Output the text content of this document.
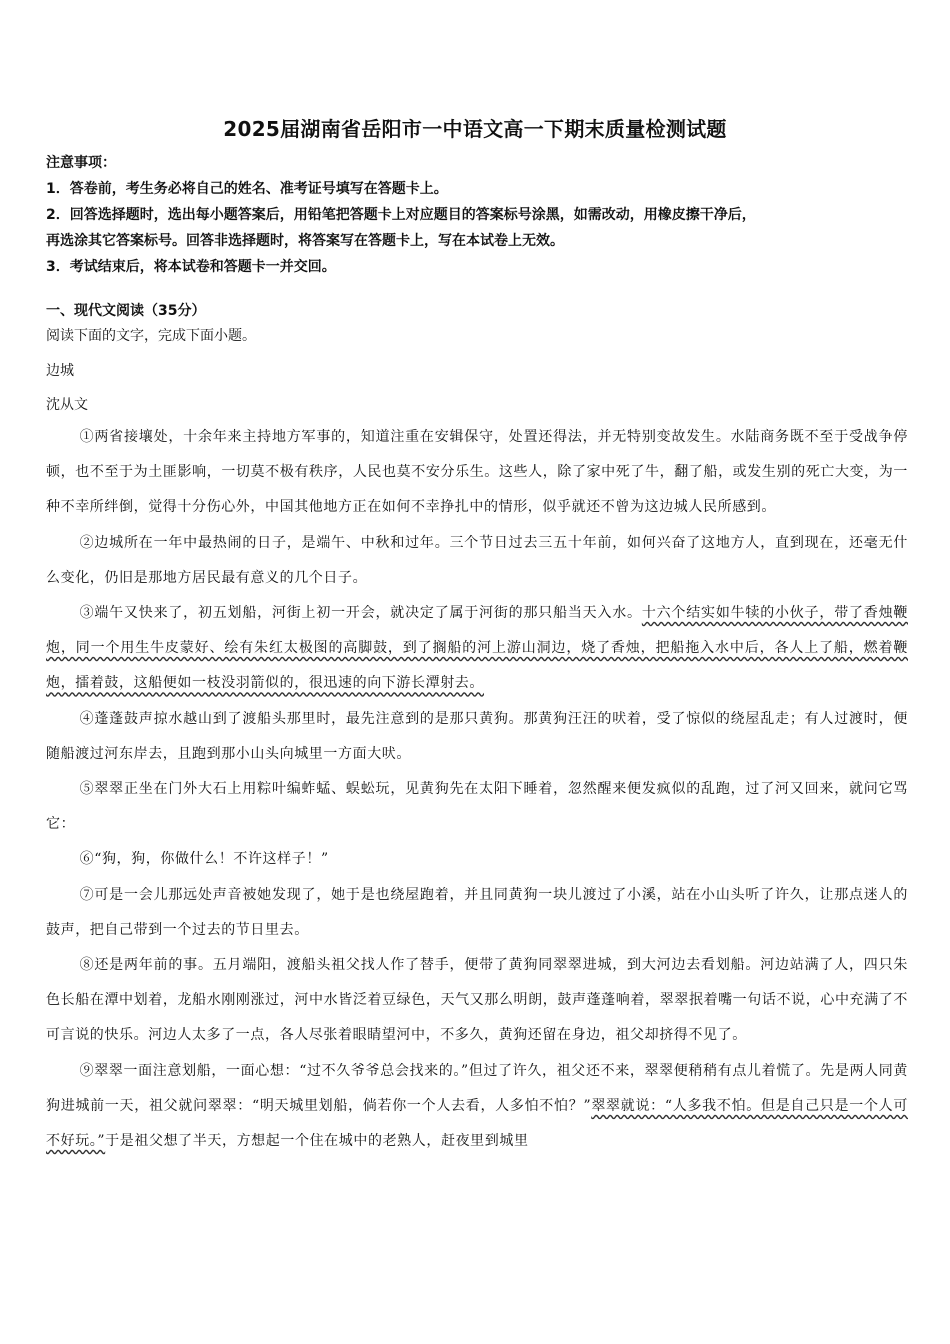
2025届湖南省岳阳市一中语文高一下期末质量检测试题

注意事项：

1．答卷前，考生务必将自己的姓名、准考证号填写在答题卡上。

2．回答选择题时，选出每小题答案后，用铅笔把答题卡上对应题目的答案标号涂黑，如需改动，用橡皮擦干净后，

再选涂其它答案标号。回答非选择题时，将答案写在答题卡上，写在本试卷上无效。

3．考试结束后，将本试卷和答题卡一并交回。

一、现代文阅读（35分）
阅读下面的文字，完成下面小题。
边城
沈从文

①两省接壤处，十余年来主持地方军事的，知道注重在安辑保守，处置还得法，并无特别变故发生。水陆商务既不至于受战争停顿，也不至于为土匪影响，一切莫不极有秩序，人民也莫不安分乐生。这些人，除了家中死了牛，翻了船，或发生别的死亡大变，为一种不幸所绊倒，觉得十分伤心外，中国其他地方正在如何不幸挣扎中的情形，似乎就还不曾为这边城人民所感到。

②边城所在一年中最热闹的日子，是端午、中秋和过年。三个节日过去三五十年前，如何兴奋了这地方人，直到现在，还毫无什么变化，仍旧是那地方居民最有意义的几个日子。

③端午又快来了，初五划船，河街上初一开会，就决定了属于河街的那只船当天入水。十六个结实如牛犊的小伙子，带了香烛鞭炮，同一个用生牛皮蒙好、绘有朱红太极图的高脚鼓，到了搁船的河上游山洞边，烧了香烛，把船拖入水中后，各人上了船，燃着鞭炮，擂着鼓，这船便如一枝没羽箭似的，很迅速的向下游长潭射去。

④蓬蓬鼓声掠水越山到了渡船头那里时，最先注意到的是那只黄狗。那黄狗汪汪的吠着，受了惊似的绕屋乱走；有人过渡时，便随船渡过河东岸去，且跑到那小山头向城里一方面大吠。

⑤翠翠正坐在门外大石上用粽叶编蚱蜢、蜈蚣玩，见黄狗先在太阳下睡着，忽然醒来便发疯似的乱跑，过了河又回来，就问它骂它：

⑥“狗，狗，你做什么！不许这样子！”

⑦可是一会儿那远处声音被她发现了，她于是也绕屋跑着，并且同黄狗一块儿渡过了小溪，站在小山头听了许久，让那点迷人的鼓声，把自己带到一个过去的节日里去。

⑧还是两年前的事。五月端阳，渡船头祖父找人作了替手，便带了黄狗同翠翠进城，到大河边去看划船。河边站满了人，四只朱色长船在潭中划着，龙船水刚刚涨过，河中水皆泛着豆绿色，天气又那么明朗，鼓声蓬蓬响着，翠翠抿着嘴一句话不说，心中充满了不可言说的快乐。河边人太多了一点，各人尽张着眼睛望河中，不多久，黄狗还留在身边，祖父却挤得不见了。

⑨翠翠一面注意划船，一面心想：“过不久爷爷总会找来的。”但过了许久，祖父还不来，翠翠便稍稍有点儿着慌了。先是两人同黄狗进城前一天，祖父就问翠翠：“明天城里划船，倘若你一个人去看，人多怕不怕？”翠翠就说：“人多我不怕。但是自己只是一个人可不好玩。”于是祖父想了半天，方想起一个住在城中的老熟人，赶夜里到城里
